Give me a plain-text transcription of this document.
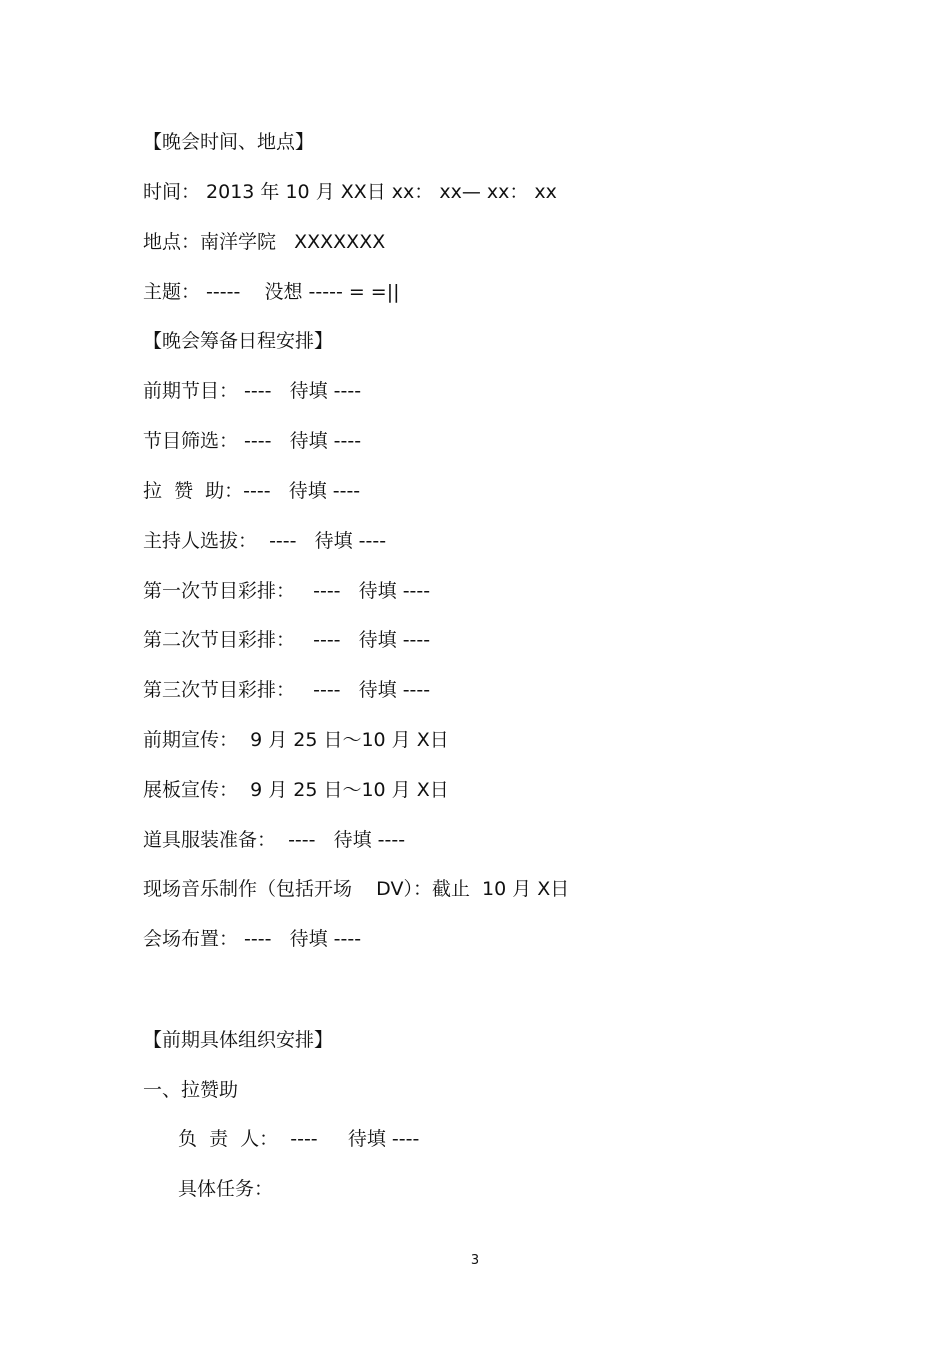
【晚会时间、地点】
时间： 2013 年 10 月 XX日 xx： xx— xx： xx
地点：南洋学院   XXXXXXX
主题： -----    没想 ----- = =||
【晚会筹备日程安排】
前期节目： ----   待填 ----
节目筛选： ----   待填 ----
拉  赞  助：----   待填 ----
主持人选拔：  ----   待填 ----
第一次节目彩排：   ----   待填 ----
第二次节目彩排：   ----   待填 ----
第三次节目彩排：   ----   待填 ----
前期宣传：  9 月 25 日～10 月 X日
展板宣传：  9 月 25 日～10 月 X日
道具服装准备：  ----   待填 ----
现场音乐制作（包括开场    DV）：截止  10 月 X日
会场布置： ----   待填 ----
【前期具体组织安排】
一、拉赞助
负  责  人：  ----     待填 ----
具体任务：
3
